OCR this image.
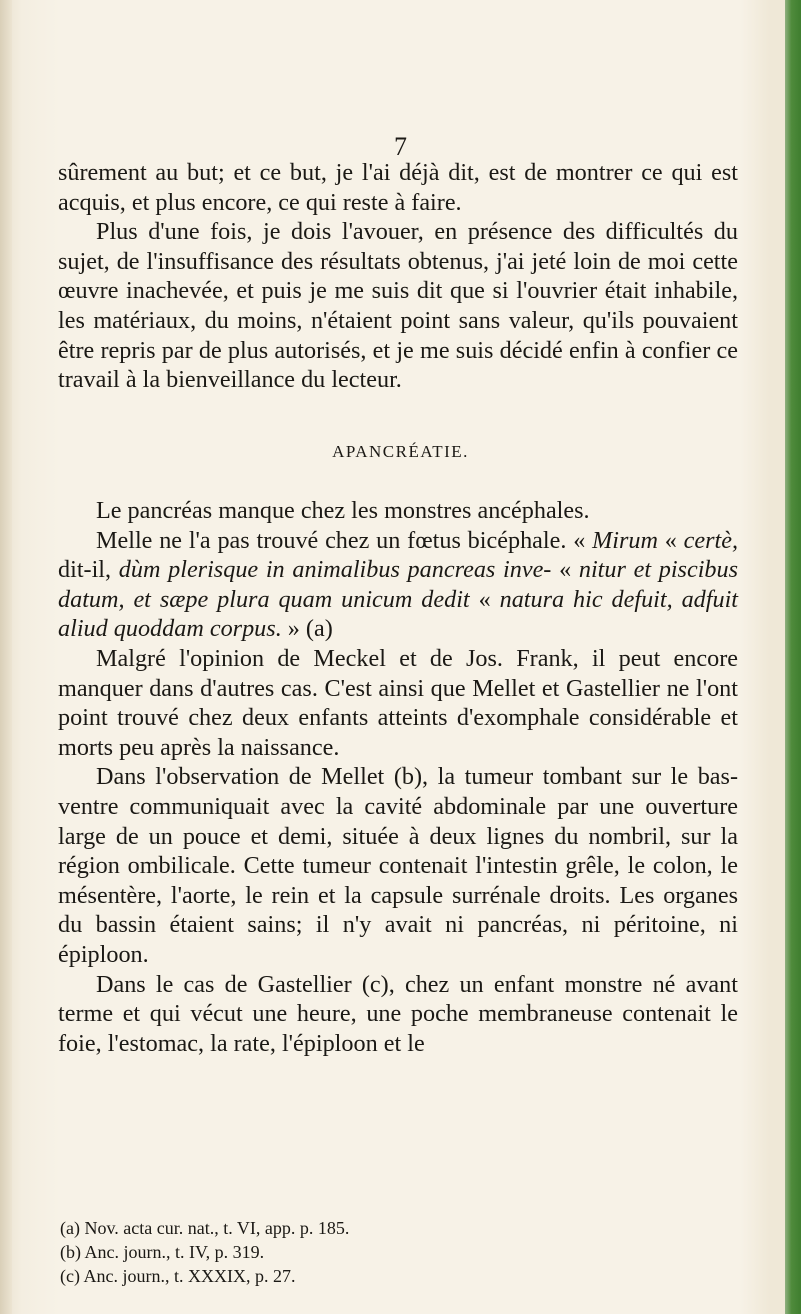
7

sûrement au but; et ce but, je l'ai déjà dit, est de montrer ce qui est acquis, et plus encore, ce qui reste à faire.

Plus d'une fois, je dois l'avouer, en présence des difficultés du sujet, de l'insuffisance des résultats obtenus, j'ai jeté loin de moi cette œuvre inachevée, et puis je me suis dit que si l'ouvrier était inhabile, les matériaux, du moins, n'étaient point sans valeur, qu'ils pouvaient être repris par de plus autorisés, et je me suis décidé enfin à confier ce travail à la bienveillance du lecteur.

APANCRÉATIE.

Le pancréas manque chez les monstres ancéphales.

Melle ne l'a pas trouvé chez un fœtus bicéphale. « Mirum « certè, dit-il, dùm plerisque in animalibus pancreas inve- « nitur et piscibus datum, et sæpe plura quam unicum dedit « natura hic defuit, adfuit aliud quoddam corpus. » (a)

Malgré l'opinion de Meckel et de Jos. Frank, il peut encore manquer dans d'autres cas. C'est ainsi que Mellet et Gastellier ne l'ont point trouvé chez deux enfants atteints d'exomphale considérable et morts peu après la naissance.

Dans l'observation de Mellet (b), la tumeur tombant sur le bas-ventre communiquait avec la cavité abdominale par une ouverture large de un pouce et demi, située à deux lignes du nombril, sur la région ombilicale. Cette tumeur contenait l'intestin grêle, le colon, le mésentère, l'aorte, le rein et la capsule surrénale droits. Les organes du bassin étaient sains; il n'y avait ni pancréas, ni péritoine, ni épiploon.

Dans le cas de Gastellier (c), chez un enfant monstre né avant terme et qui vécut une heure, une poche membraneuse contenait le foie, l'estomac, la rate, l'épiploon et le

(a) Nov. acta cur. nat., t. VI, app. p. 185.
(b) Anc. journ., t. IV, p. 319.
(c) Anc. journ., t. XXXIX, p. 27.
